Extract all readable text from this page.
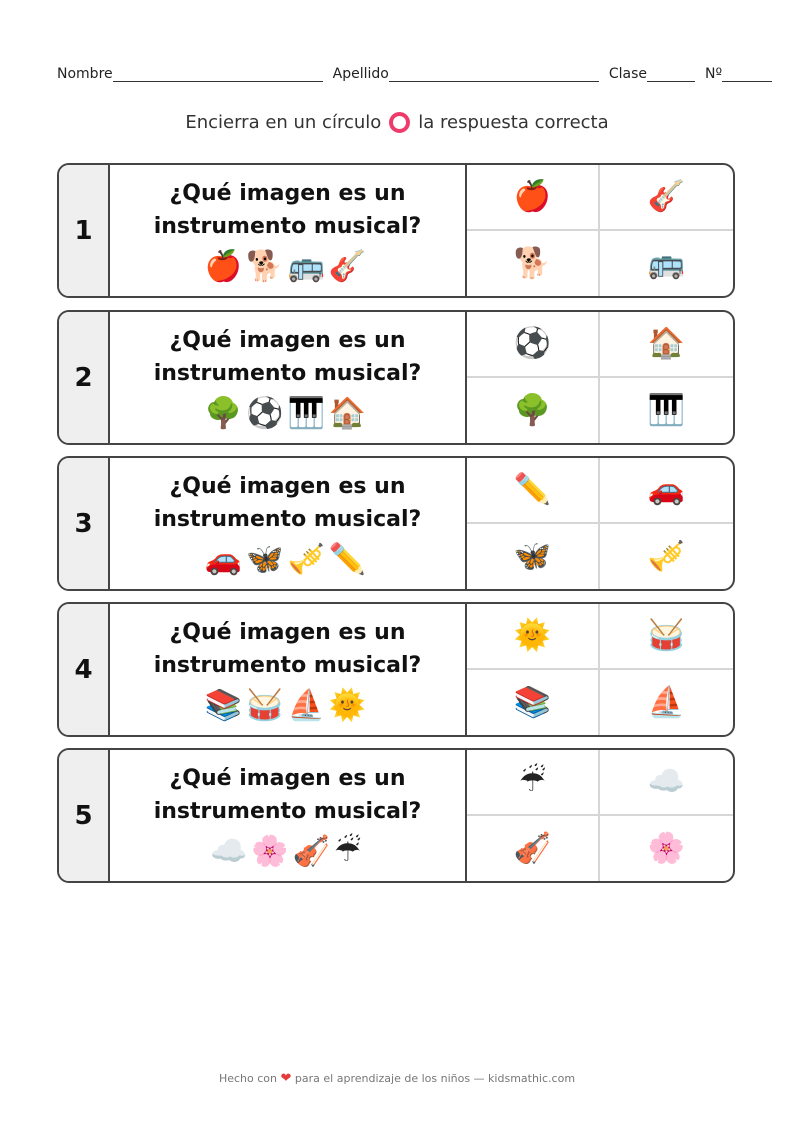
Nombre	Apellido	Clase	Nº
Encierra en un círculo la respuesta correcta
1
¿Qué imagen es un
instrumento musical?
🍎🐕🚌🎸
🍎	🎸
🐕	🚌
2
¿Qué imagen es un
instrumento musical?
🌳⚽🎹🏠
⚽	🏠
🌳	🎹
3
¿Qué imagen es un
instrumento musical?
🚗🦋🎺✏️
✏️	🚗
🦋	🎺
4
¿Qué imagen es un
instrumento musical?
📚🥁⛵🌞
🌞	🥁
📚	⛵
5
¿Qué imagen es un
instrumento musical?
☁️🌸🎻☔
☔	☁️
🎻	🌸
Hecho con ❤ para el aprendizaje de los niños — kidsmathic.com
